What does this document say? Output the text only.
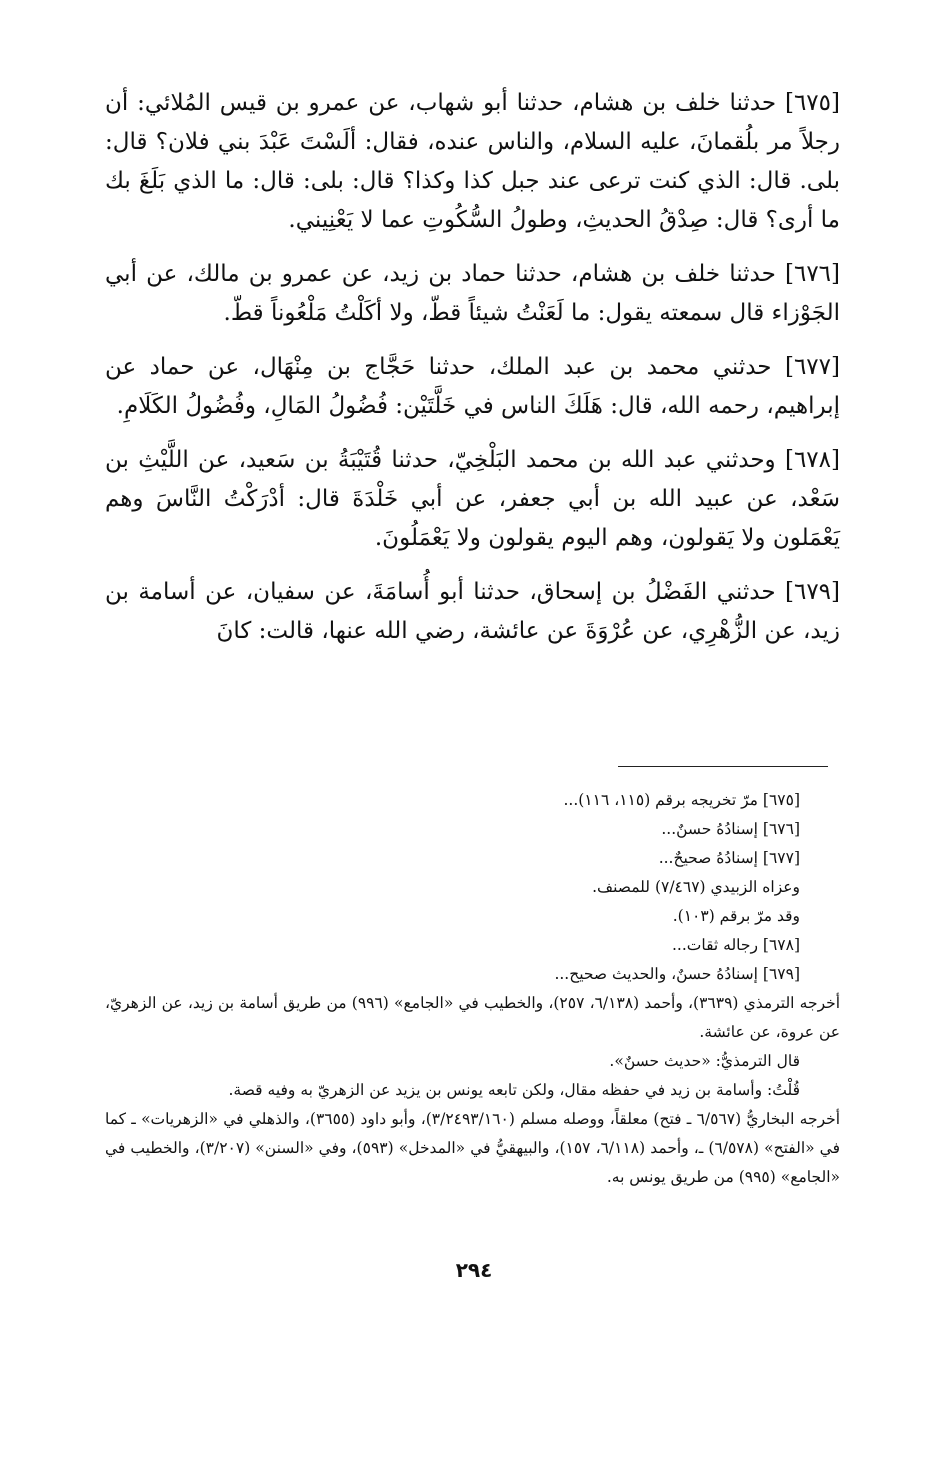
[٦٧٥] حدثنا خلف بن هشام، حدثنا أبو شهاب، عن عمرو بن قيس المُلائي: أن رجلاً مر بلُقمانَ، عليه السلام، والناس عنده، فقال: ألَسْتَ عَبْدَ بني فلان؟ قال: بلى. قال: الذي كنت ترعى عند جبل كذا وكذا؟ قال: بلى: قال: ما الذي بَلَغَ بك ما أرى؟ قال: صِدْقُ الحديثِ، وطولُ السُّكُوتِ عما لا يَعْنِيني.

[٦٧٦] حدثنا خلف بن هشام، حدثنا حماد بن زيد، عن عمرو بن مالك، عن أبي الجَوْزاء قال سمعته يقول: ما لَعَنْتُ شيئاً قطّ، ولا أكَلْتُ مَلْعُوناً قطّ.

[٦٧٧] حدثني محمد بن عبد الملك، حدثنا حَجَّاج بن مِنْهَال، عن حماد عن إبراهيم، رحمه الله، قال: هَلَكَ الناس في خَلَّتَيْن: فُضُولُ المَالِ، وفُضُولُ الكَلَامِ.

[٦٧٨] وحدثني عبد الله بن محمد البَلْخِيّ، حدثنا قُتَيْبَةُ بن سَعيد، عن اللَّيْثِ بن سَعْد، عن عبيد الله بن أبي جعفر، عن أبي خَلْدَةَ قال: أدْرَكْتُ النَّاسَ وهم يَعْمَلون ولا يَقولون، وهم اليوم يقولون ولا يَعْمَلُونَ.

[٦٧٩] حدثني الفَضْلُ بن إسحاق، حدثنا أبو أُسامَةَ، عن سفيان، عن أسامة بن زيد، عن الزُّهْرِي، عن عُرْوَةَ عن عائشة، رضي الله عنها، قالت: كانَ

[٦٧٥] مرّ تخريجه برقم (١١٥، ١١٦)...

[٦٧٦] إسنادُهُ حسنٌ...

[٦٧٧] إسنادُهُ صحيحٌ...

وعزاه الزبيدي (٧/٤٦٧) للمصنف.

وقد مرّ برقم (١٠٣).

[٦٧٨] رجاله ثقات...

[٦٧٩] إسنادُهُ حسنٌ، والحديث صحيح...

أخرجه الترمذي (٣٦٣٩)، وأحمد (٦/١٣٨، ٢٥٧)، والخطيب في «الجامع» (٩٩٦) من طريق أسامة بن زيد، عن الزهريّ، عن عروة، عن عائشة.

قال الترمذيُّ: «حديث حسنٌ».

قُلْتُ: وأسامة بن زيد في حفظه مقال، ولكن تابعه يونس بن يزيد عن الزهريّ به وفيه قصة.

أخرجه البخاريُّ (٦/٥٦٧ ـ فتح) معلقاً، ووصله مسلم (٣/٢٤٩٣/١٦٠)، وأبو داود (٣٦٥٥)، والذهلي في «الزهريات» ـ كما في «الفتح» (٦/٥٧٨) ـ، وأحمد (٦/١١٨، ١٥٧)، والبيهقيُّ في «المدخل» (٥٩٣)، وفي «السنن» (٣/٢٠٧)، والخطيب في «الجامع» (٩٩٥) من طريق يونس به.

٢٩٤
